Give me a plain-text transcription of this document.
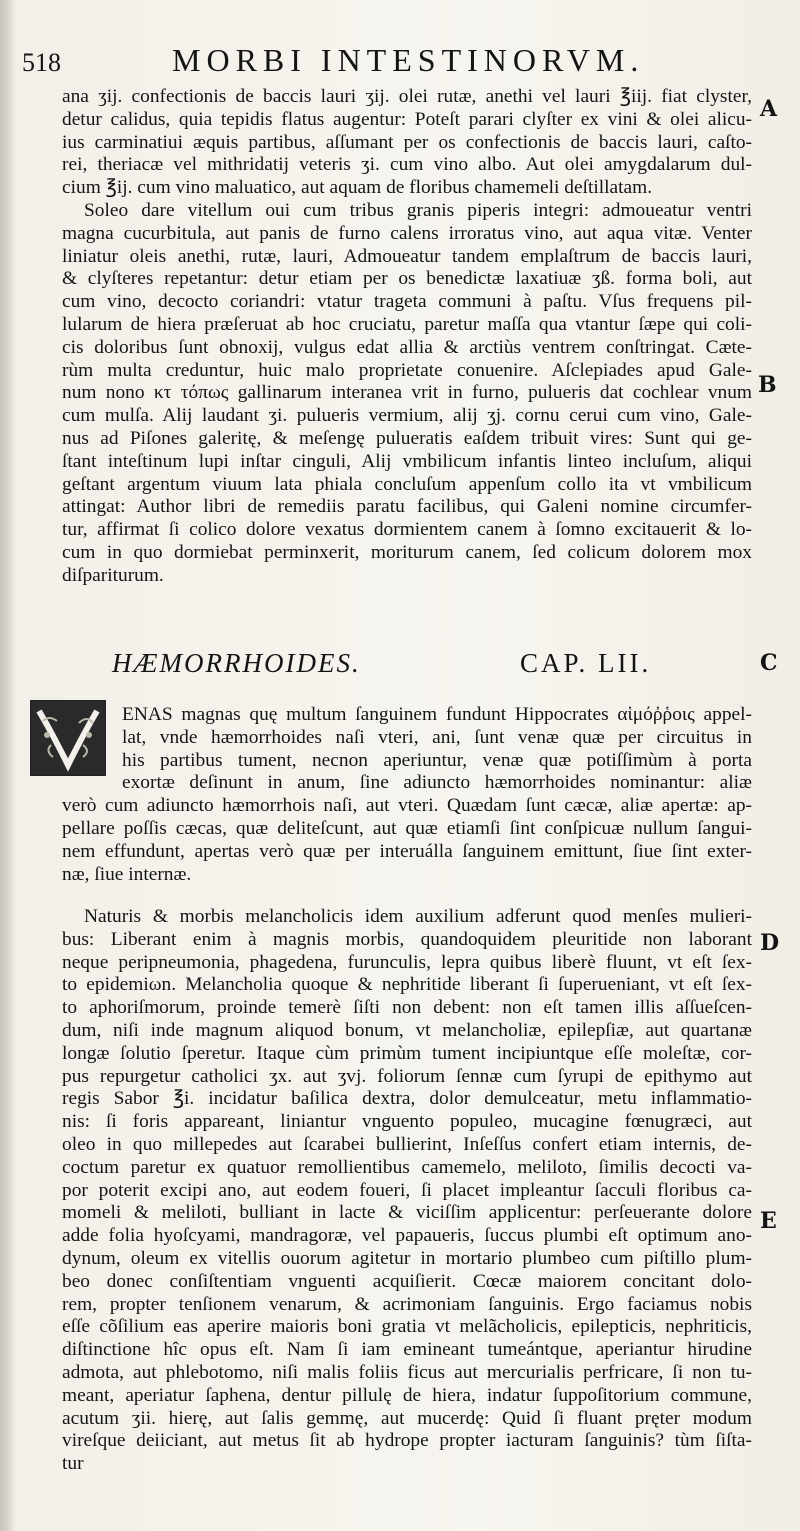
518	MORBI INTESTINORVM.
A
B
C
D
E
ana ʒij. confectionis de baccis lauri ʒij. olei rutæ, anethi vel lauri ℥iij. fiat clyster,
detur calidus, quia tepidis flatus augentur: Poteſt parari clyſter ex vini & olei alicu-
ius carminatiui æquis partibus, aſſumant per os confectionis de baccis lauri, caſto-
rei, theriacæ vel mithridatij veteris ʒi. cum vino albo. Aut olei amygdalarum dul-
cium ℥ij. cum vino maluatico, aut aquam de floribus chamemeli deſtillatam.
Soleo dare vitellum oui cum tribus granis piperis integri: admoueatur ventri
magna cucurbitula, aut panis de furno calens irroratus vino, aut aqua vitæ. Venter
liniatur oleis anethi, rutæ, lauri, Admoueatur tandem emplaſtrum de baccis lauri,
& clyſteres repetantur: detur etiam per os benedictæ laxatiuæ ʒß. forma boli, aut
cum vino, decocto coriandri: vtatur trageta communi à paſtu. Vſus frequens pil-
lularum de hiera præſeruat ab hoc cruciatu, paretur maſſa qua vtantur ſæpe qui coli-
cis doloribus ſunt obnoxij, vulgus edat allia & arctiùs ventrem conſtringat. Cæte-
rùm multa creduntur, huic malo proprietate conuenire. Aſclepiades apud Gale-
num nono κτ τόπως gallinarum interanea vrit in furno, pulueris dat cochlear vnum
cum mulſa. Alij laudant ʒi. pulueris vermium, alij ʒj. cornu cerui cum vino, Gale-
nus ad Piſones galeritę, & meſengę pulueratis eaſdem tribuit vires: Sunt qui ge-
ſtant inteſtinum lupi inſtar cinguli, Alij vmbilicum infantis linteo incluſum, aliqui
geſtant argentum viuum lata phiala concluſum appenſum collo ita vt vmbilicum
attingat: Author libri de remediis paratu facilibus, qui Galeni nomine circumfer-
tur, affirmat ſi colico dolore vexatus dormientem canem à ſomno excitauerit & lo-
cum in quo dormiebat perminxerit, moriturum canem, ſed colicum dolorem mox
diſpariturum.
HÆMORRHOIDES.	CAP. LII.
ENAS magnas quę multum ſanguinem fundunt Hippocrates αἱμόῤῥοις appel-
lat, vnde hæmorrhoides naſi vteri, ani, ſunt venæ quæ per circuitus in
his partibus tument, necnon aperiuntur, venæ quæ potiſſimùm à porta
exortæ deſinunt in anum, ſine adiuncto hæmorrhoides nominantur: aliæ
verò cum adiuncto hæmorrhois naſi, aut vteri. Quædam ſunt cæcæ, aliæ apertæ: ap-
pellare poſſis cæcas, quæ deliteſcunt, aut quæ etiamſi ſint conſpicuæ nullum ſangui-
nem effundunt, apertas verò quæ per interuálla ſanguinem emittunt, ſiue ſint exter-
næ, ſiue internæ.
Naturis & morbis melancholicis idem auxilium adferunt quod menſes mulieri-
bus: Liberant enim à magnis morbis, quandoquidem pleuritide non laborant
neque peripneumonia, phagedena, furunculis, lepra quibus liberè fluunt, vt eſt ſex-
to epidemiωn. Melancholia quoque & nephritide liberant ſi ſuperueniant, vt eſt ſex-
to aphoriſmorum, proinde temerè ſiſti non debent: non eſt tamen illis aſſueſcen-
dum, niſi inde magnum aliquod bonum, vt melancholiæ, epilepſiæ, aut quartanæ
longæ ſolutio ſperetur. Itaque cùm primùm tument incipiuntque eſſe moleſtæ, cor-
pus repurgetur catholici ʒx. aut ʒvj. foliorum ſennæ cum ſyrupi de epithymo aut
regis Sabor ℥i. incidatur baſilica dextra, dolor demulceatur, metu inflammatio-
nis: ſi foris appareant, liniantur vnguento populeo, mucagine fœnugræci, aut
oleo in quo millepedes aut ſcarabei bullierint, Inſeſſus confert etiam internis, de-
coctum paretur ex quatuor remollientibus camemelo, meliloto, ſimilis decocti va-
por poterit excipi ano, aut eodem foueri, ſi placet impleantur ſacculi floribus ca-
momeli & meliloti, bulliant in lacte & viciſſim applicentur: perſeuerante dolore
adde folia hyoſcyami, mandragoræ, vel papaueris, ſuccus plumbi eſt optimum ano-
dynum, oleum ex vitellis ouorum agitetur in mortario plumbeo cum piſtillo plum-
beo donec conſiſtentiam vnguenti acquiſierit. Cœcæ maiorem concitant dolo-
rem, propter tenſionem venarum, & acrimoniam ſanguinis. Ergo faciamus nobis
eſſe cõſilium eas aperire maioris boni gratia vt melãcholicis, epilepticis, nephriticis,
diſtinctione hîc opus eſt. Nam ſi iam emineant tumeántque, aperiantur hirudine
admota, aut phlebotomo, niſi malis foliis ficus aut mercurialis perfricare, ſi non tu-
meant, aperiatur ſaphena, dentur pillulę de hiera, indatur ſuppoſitorium commune,
acutum ʒii. hierę, aut ſalis gemmę, aut mucerdę: Quid ſi fluant pręter modum
vireſque deiiciant, aut metus ſit ab hydrope propter iacturam ſanguinis? tùm ſiſta-
tur
